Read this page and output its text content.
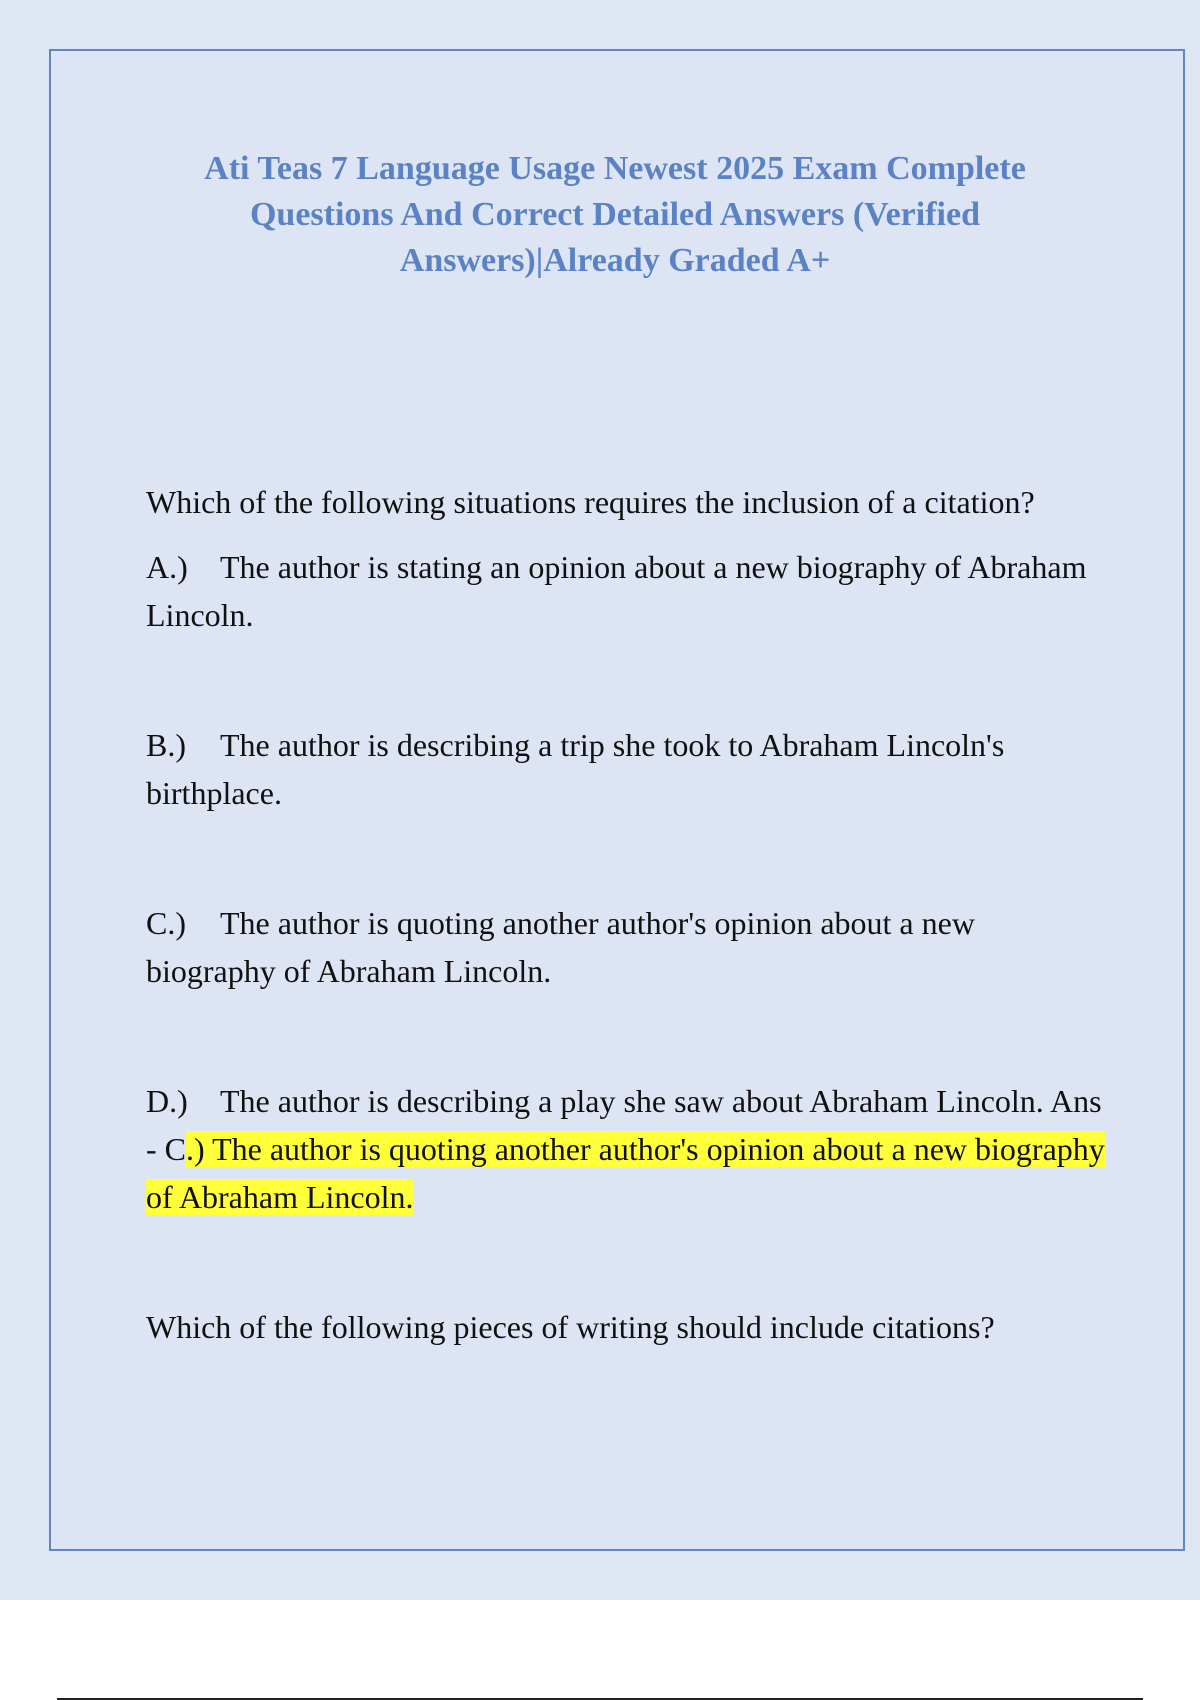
Ati Teas 7 Language Usage Newest 2025 Exam Complete Questions And Correct Detailed Answers (Verified Answers)|Already Graded A+

Which of the following situations requires the inclusion of a citation?

A.) The author is stating an opinion about a new biography of Abraham Lincoln.

B.) The author is describing a trip she took to Abraham Lincoln's birthplace.

C.) The author is quoting another author's opinion about a new biography of Abraham Lincoln.

D.) The author is describing a play she saw about Abraham Lincoln. Ans - C.) The author is quoting another author's opinion about a new biography of Abraham Lincoln.

Which of the following pieces of writing should include citations?
